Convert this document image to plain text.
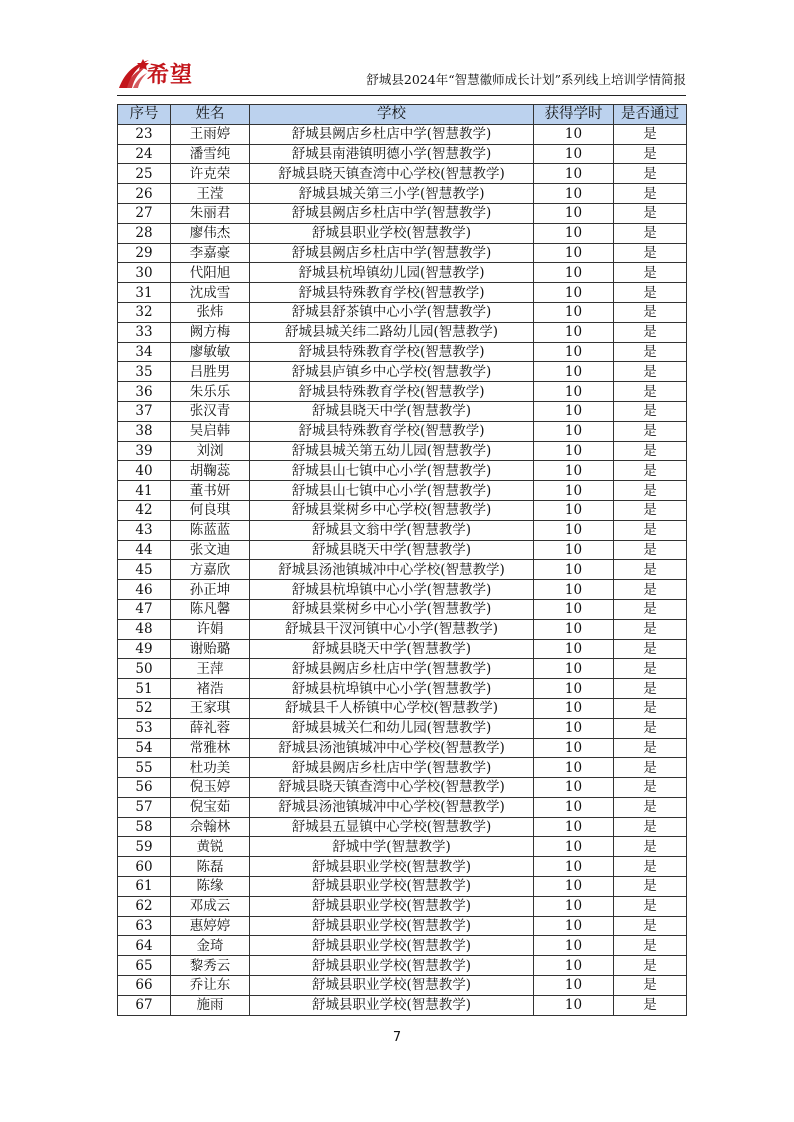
希望	舒城县2024年“智慧徽师成长计划”系列线上培训学情简报
序号	姓名	学校	获得学时	是否通过
23	王雨婷	舒城县阙店乡杜店中学(智慧教学)	10	是
24	潘雪纯	舒城县南港镇明德小学(智慧教学)	10	是
25	许克荣	舒城县晓天镇查湾中心学校(智慧教学)	10	是
26	王滢	舒城县城关第三小学(智慧教学)	10	是
27	朱丽君	舒城县阙店乡杜店中学(智慧教学)	10	是
28	廖伟杰	舒城县职业学校(智慧教学)	10	是
29	李嘉豪	舒城县阙店乡杜店中学(智慧教学)	10	是
30	代阳旭	舒城县杭埠镇幼儿园(智慧教学)	10	是
31	沈成雪	舒城县特殊教育学校(智慧教学)	10	是
32	张炜	舒城县舒茶镇中心小学(智慧教学)	10	是
33	阙方梅	舒城县城关纬二路幼儿园(智慧教学)	10	是
34	廖敏敏	舒城县特殊教育学校(智慧教学)	10	是
35	吕胜男	舒城县庐镇乡中心学校(智慧教学)	10	是
36	朱乐乐	舒城县特殊教育学校(智慧教学)	10	是
37	张汉青	舒城县晓天中学(智慧教学)	10	是
38	吴启韩	舒城县特殊教育学校(智慧教学)	10	是
39	刘浏	舒城县城关第五幼儿园(智慧教学)	10	是
40	胡鞠蕊	舒城县山七镇中心小学(智慧教学)	10	是
41	董书妍	舒城县山七镇中心小学(智慧教学)	10	是
42	何良琪	舒城县棠树乡中心学校(智慧教学)	10	是
43	陈蓝蓝	舒城县文翁中学(智慧教学)	10	是
44	张文迪	舒城县晓天中学(智慧教学)	10	是
45	方嘉欣	舒城县汤池镇城冲中心学校(智慧教学)	10	是
46	孙正坤	舒城县杭埠镇中心小学(智慧教学)	10	是
47	陈凡馨	舒城县棠树乡中心小学(智慧教学)	10	是
48	许娟	舒城县干汊河镇中心小学(智慧教学)	10	是
49	谢贻璐	舒城县晓天中学(智慧教学)	10	是
50	王萍	舒城县阙店乡杜店中学(智慧教学)	10	是
51	褚浩	舒城县杭埠镇中心小学(智慧教学)	10	是
52	王家琪	舒城县千人桥镇中心学校(智慧教学)	10	是
53	薛礼蓉	舒城县城关仁和幼儿园(智慧教学)	10	是
54	常雅林	舒城县汤池镇城冲中心学校(智慧教学)	10	是
55	杜功美	舒城县阙店乡杜店中学(智慧教学)	10	是
56	倪玉婷	舒城县晓天镇查湾中心学校(智慧教学)	10	是
57	倪宝茹	舒城县汤池镇城冲中心学校(智慧教学)	10	是
58	佘翰林	舒城县五显镇中心学校(智慧教学)	10	是
59	黄锐	舒城中学(智慧教学)	10	是
60	陈磊	舒城县职业学校(智慧教学)	10	是
61	陈缘	舒城县职业学校(智慧教学)	10	是
62	邓成云	舒城县职业学校(智慧教学)	10	是
63	惠婷婷	舒城县职业学校(智慧教学)	10	是
64	金琦	舒城县职业学校(智慧教学)	10	是
65	黎秀云	舒城县职业学校(智慧教学)	10	是
66	乔让东	舒城县职业学校(智慧教学)	10	是
67	施雨	舒城县职业学校(智慧教学)	10	是
7
